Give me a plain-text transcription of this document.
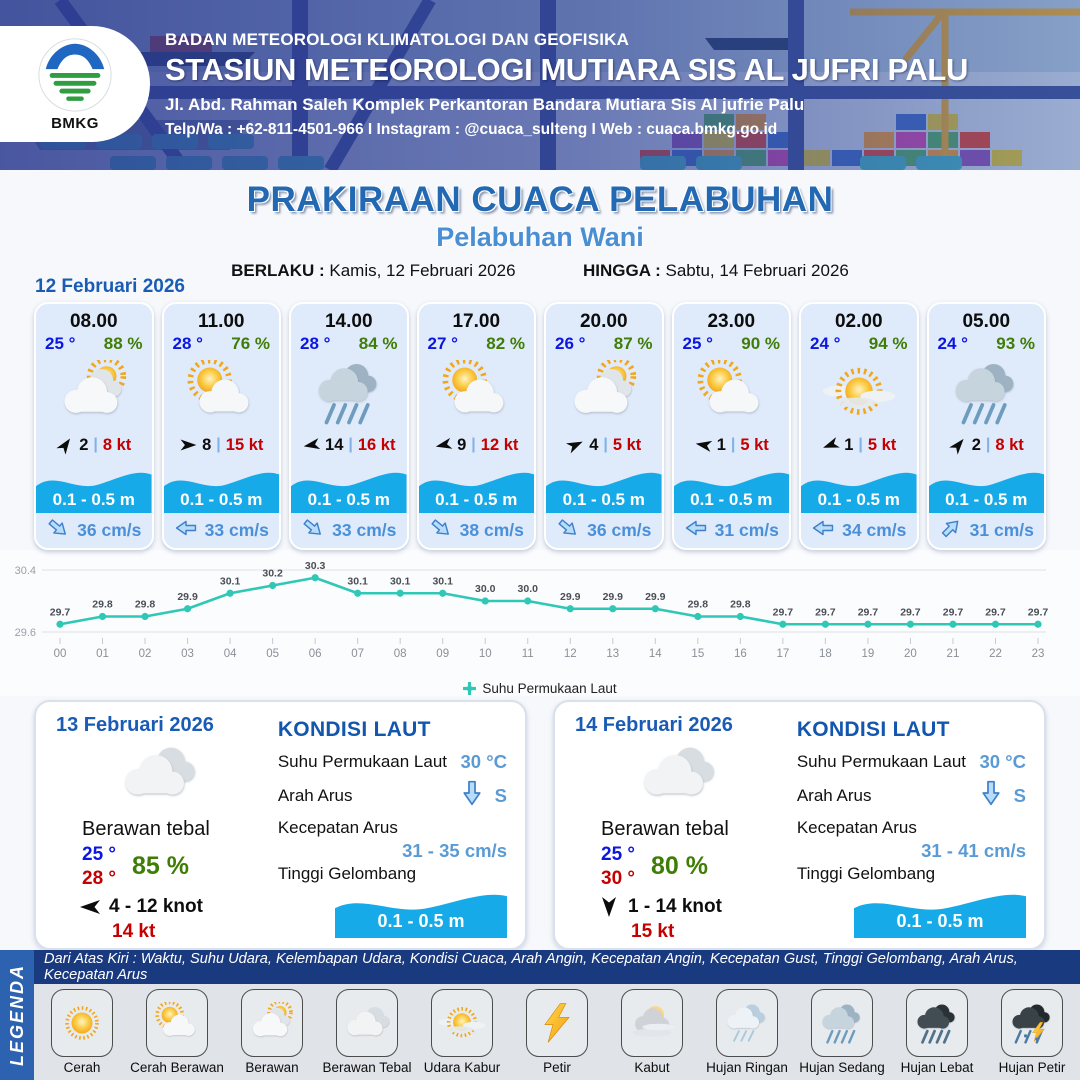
BMKG
BADAN METEOROLOGI KLIMATOLOGI DAN GEOFISIKA
STASIUN METEOROLOGI MUTIARA SIS AL JUFRI PALU
Jl. Abd. Rahman Saleh Komplek Perkantoran Bandara Mutiara Sis Al jufrie Palu
Telp/Wa : +62-811-4501-966 I Instagram : @cuaca_sulteng I Web : cuaca.bmkg.go.id
PRAKIRAAN CUACA PELABUHAN
Pelabuhan Wani
BERLAKU : Kamis, 12 Februari 2026	HINGGA : Sabtu, 14 Februari 2026
12 Februari 2026
08.00
25 ° 88 %
2 | 8 kt
0.1 - 0.5 m
36 cm/s
11.00
28 ° 76 %
8 | 15 kt
0.1 - 0.5 m
33 cm/s
14.00
28 ° 84 %
14 | 16 kt
0.1 - 0.5 m
33 cm/s
17.00
27 ° 82 %
9 | 12 kt
0.1 - 0.5 m
38 cm/s
20.00
26 ° 87 %
4 | 5 kt
0.1 - 0.5 m
36 cm/s
23.00
25 ° 90 %
1 | 5 kt
0.1 - 0.5 m
31 cm/s
02.00
24 ° 94 %
1 | 5 kt
0.1 - 0.5 m
34 cm/s
05.00
24 ° 93 %
2 | 8 kt
0.1 - 0.5 m
31 cm/s
30.4
29.6
29.7
00
29.8
01
29.8
02
29.9
03
30.1
04
30.2
05
30.3
06
30.1
07
30.1
08
30.1
09
30.0
10
30.0
11
29.9
12
29.9
13
29.9
14
29.8
15
29.8
16
29.7
17
29.7
18
29.7
19
29.7
20
29.7
21
29.7
22
29.7
23
Suhu Permukaan Laut
13 Februari 2026
Berawan tebal
25 °
28 ° 85 %
4 - 12 knot
14 kt
KONDISI LAUT
Suhu Permukaan Laut 30 °C
Arah Arus	S
Kecepatan Arus
31 - 35 cm/s
Tinggi Gelombang
0.1 - 0.5 m
14 Februari 2026
Berawan tebal
25 °
30 ° 80 %
1 - 14 knot
15 kt
KONDISI LAUT
Suhu Permukaan Laut 30 °C
Arah Arus	S
Kecepatan Arus
31 - 41 cm/s
Tinggi Gelombang
0.1 - 0.5 m
LEGENDA
Dari Atas Kiri : Waktu, Suhu Udara, Kelembapan Udara, Kondisi Cuaca, Arah Angin, Kecepatan Angin, Kecepatan Gust, Tinggi Gelombang, Arah Arus, Kecepatan Arus
Cerah Cerah Berawan Berawan Berawan Tebal Udara Kabur	Petir	Kabut	Hujan Ringan Hujan Sedang Hujan Lebat Hujan Petir
